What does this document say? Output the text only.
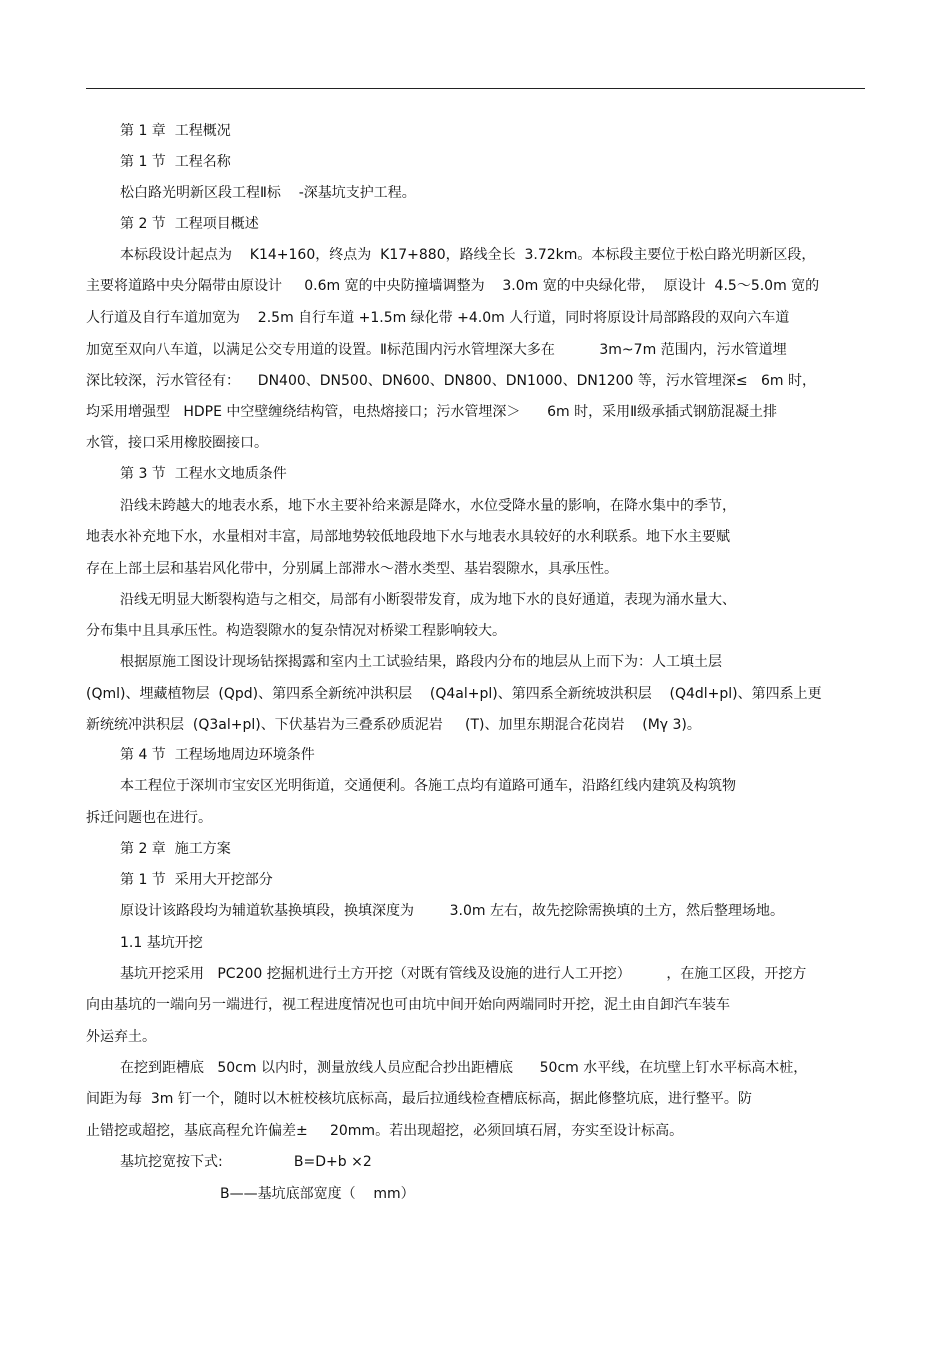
第 1 章  工程概况
第 1 节  工程名称
松白路光明新区段工程Ⅱ标    -深基坑支护工程。
第 2 节  工程项目概述
本标段设计起点为    K14+160，终点为  K17+880，路线全长  3.72km。本标段主要位于松白路光明新区段，
主要将道路中央分隔带由原设计     0.6m 宽的中央防撞墙调整为    3.0m 宽的中央绿化带，  原设计  4.5～5.0m 宽的
人行道及自行车道加宽为    2.5m 自行车道 +1.5m 绿化带 +4.0m 人行道，同时将原设计局部路段的双向六车道
加宽至双向八车道，以满足公交专用道的设置。Ⅱ标范围内污水管埋深大多在          3m~7m 范围内，污水管道埋
深比较深，污水管径有：    DN400、DN500、DN600、DN800、DN1000、DN1200 等，污水管埋深≤   6m 时，
均采用增强型   HDPE 中空壁缠绕结构管，电热熔接口；污水管埋深＞      6m 时，采用Ⅱ级承插式钢筋混凝土排
水管，接口采用橡胶圈接口。
第 3 节  工程水文地质条件
沿线未跨越大的地表水系，地下水主要补给来源是降水，水位受降水量的影响，在降水集中的季节，
地表水补充地下水，水量相对丰富，局部地势较低地段地下水与地表水具较好的水利联系。地下水主要赋
存在上部土层和基岩风化带中，分别属上部滞水～潜水类型、基岩裂隙水，具承压性。
沿线无明显大断裂构造与之相交，局部有小断裂带发育，成为地下水的良好通道，表现为涌水量大、
分布集中且具承压性。构造裂隙水的复杂情况对桥梁工程影响较大。
根据原施工图设计现场钻探揭露和室内土工试验结果，路段内分布的地层从上而下为：人工填土层
(Qml)、埋藏植物层  (Qpd)、第四系全新统冲洪积层    (Q4al+pl)、第四系全新统坡洪积层    (Q4dl+pl)、第四系上更
新统统冲洪积层  (Q3al+pl)、下伏基岩为三叠系砂质泥岩     (T)、加里东期混合花岗岩    (Mγ 3)。
第 4 节  工程场地周边环境条件
本工程位于深圳市宝安区光明街道，交通便利。各施工点均有道路可通车，沿路红线内建筑及构筑物
拆迁问题也在进行。
第 2 章  施工方案
第 1 节  采用大开挖部分
原设计该路段均为辅道软基换填段，换填深度为        3.0m 左右，故先挖除需换填的土方，然后整理场地。
1.1 基坑开挖
基坑开挖采用   PC200 挖掘机进行土方开挖（对既有管线及设施的进行人工开挖）        ，在施工区段，开挖方
向由基坑的一端向另一端进行，视工程进度情况也可由坑中间开始向两端同时开挖，泥土由自卸汽车装车
外运弃土。
在挖到距槽底   50cm 以内时，测量放线人员应配合抄出距槽底      50cm 水平线，在坑壁上钉水平标高木桩，
间距为每  3m 钉一个，随时以木桩校核坑底标高，最后拉通线检查槽底标高，据此修整坑底，进行整平。防
止错挖或超挖，基底高程允许偏差±     20mm。若出现超挖，必须回填石屑，夯实至设计标高。
基坑挖宽按下式:                B=D+b ×2
B——基坑底部宽度（    mm）
